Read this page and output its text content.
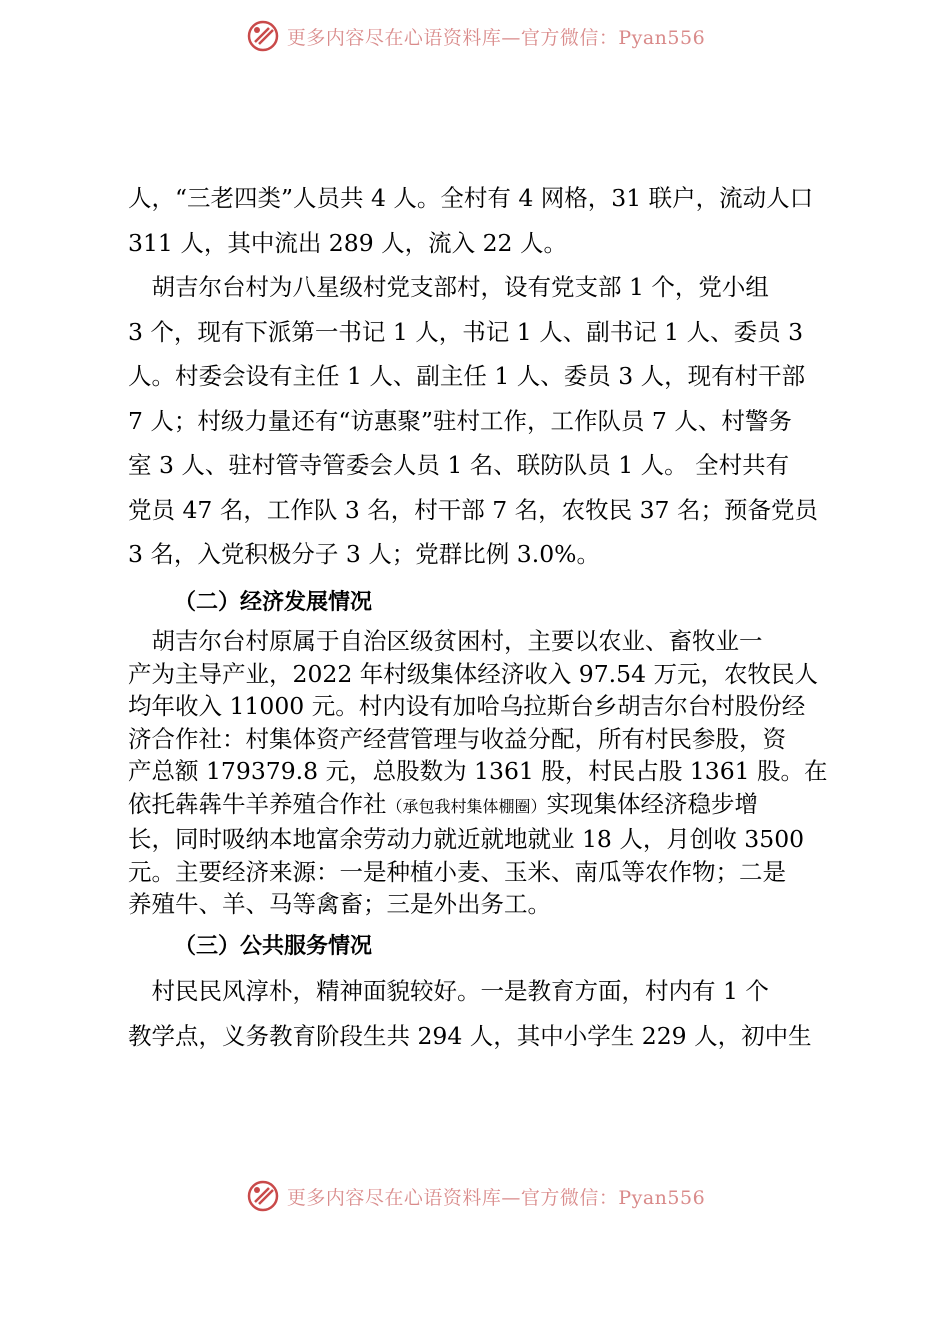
更多内容尽在心语资料库—官方微信：Pyan556

人，“三老四类”人员共 4 人。全村有 4 网格，31 联户，流动人口

311 人，其中流出 289 人，流入 22 人。

　胡吉尔台村为八星级村党支部村，设有党支部 1 个，党小组

3 个，现有下派第一书记 1 人，书记 1 人、副书记 1 人、委员 3

人。村委会设有主任 1 人、副主任 1 人、委员 3 人，现有村干部

7 人；村级力量还有“访惠聚”驻村工作，工作队员 7 人、村警务

室 3 人、驻村管寺管委会人员 1 名、联防队员 1 人。 全村共有

党员 47 名，工作队 3 名，村干部 7 名，农牧民 37 名；预备党员

3 名，入党积极分子 3 人；党群比例 3.0%。

（二）经济发展情况

　胡吉尔台村原属于自治区级贫困村，主要以农业、畜牧业一

产为主导产业，2022 年村级集体经济收入 97.54 万元，农牧民人

均年收入 11000 元。村内设有加哈乌拉斯台乡胡吉尔台村股份经

济合作社：村集体资产经营管理与收益分配，所有村民参股，资

产总额 179379.8 元，总股数为 1361 股，村民占股 1361 股。在

依托犇犇牛羊养殖合作社（承包我村集体棚圈）实现集体经济稳步增

长，同时吸纳本地富余劳动力就近就地就业 18 人，月创收 3500

元。主要经济来源：一是种植小麦、玉米、南瓜等农作物；二是

养殖牛、羊、马等禽畜；三是外出务工。

（三）公共服务情况

　村民民风淳朴，精神面貌较好。一是教育方面，村内有 1 个

教学点，义务教育阶段生共 294 人，其中小学生 229 人，初中生

更多内容尽在心语资料库—官方微信：Pyan556
